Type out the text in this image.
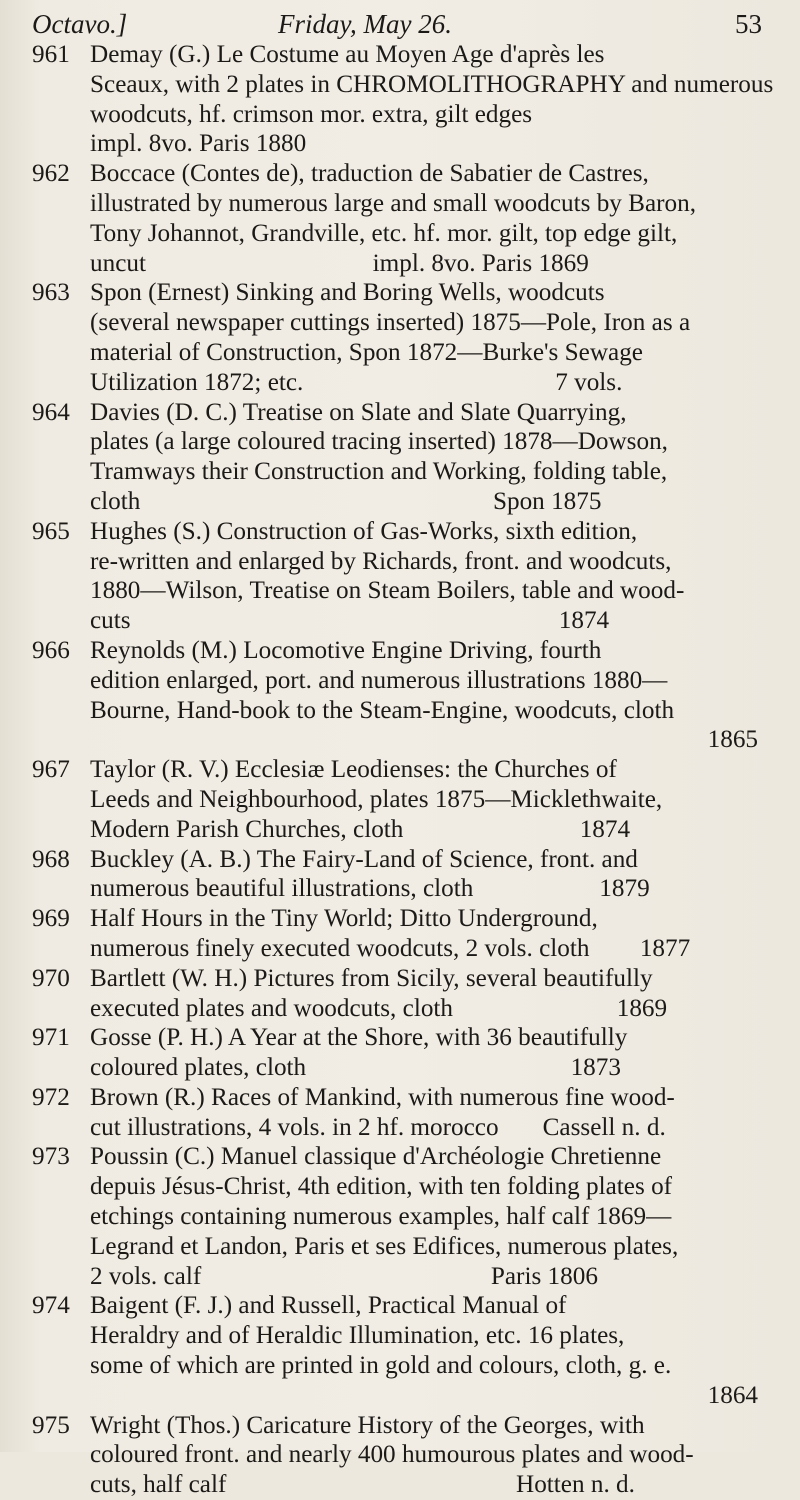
Octavo.]	Friday, May 26.	53
961 Demay (G.) Le Costume au Moyen Age d'après les
Sceaux, with 2 plates in CHROMOLITHOGRAPHY and numerous
woodcuts, hf. crimson mor. extra, gilt edges
impl. 8vo. Paris 1880
962 Boccace (Contes de), traduction de Sabatier de Castres,
illustrated by numerous large and small woodcuts by Baron,
Tony Johannot, Grandville, etc. hf. mor. gilt, top edge gilt,
uncut                                    impl. 8vo. Paris 1869
963 Spon (Ernest) Sinking and Boring Wells, woodcuts
(several newspaper cuttings inserted) 1875—Pole, Iron as a
material of Construction, Spon 1872—Burke's Sewage
Utilization 1872; etc.                                        7 vols.
964 Davies (D. C.) Treatise on Slate and Slate Quarrying,
plates (a large coloured tracing inserted) 1878—Dowson,
Tramways their Construction and Working, folding table,
cloth                                                        Spon 1875
965 Hughes (S.) Construction of Gas-Works, sixth edition,
re-written and enlarged by Richards, front. and woodcuts,
1880—Wilson, Treatise on Steam Boilers, table and wood-
cuts                                                                    1874
966 Reynolds (M.) Locomotive Engine Driving, fourth
edition enlarged, port. and numerous illustrations 1880—
Bourne, Hand-book to the Steam-Engine, woodcuts, cloth
1865
967 Taylor (R. V.) Ecclesiæ Leodienses: the Churches of
Leeds and Neighbourhood, plates 1875—Micklethwaite,
Modern Parish Churches, cloth                            1874
968 Buckley (A. B.) The Fairy-Land of Science, front. and
numerous beautiful illustrations, cloth                    1879
969 Half Hours in the Tiny World; Ditto Underground,
numerous finely executed woodcuts, 2 vols. cloth        1877
970 Bartlett (W. H.) Pictures from Sicily, several beautifully
executed plates and woodcuts, cloth                          1869
971 Gosse (P. H.) A Year at the Shore, with 36 beautifully
coloured plates, cloth                                          1873
972 Brown (R.) Races of Mankind, with numerous fine wood-
cut illustrations, 4 vols. in 2 hf. morocco       Cassell n. d.
973 Poussin (C.) Manuel classique d'Archéologie Chretienne
depuis Jésus-Christ, 4th edition, with ten folding plates of
etchings containing numerous examples, half calf 1869—
Legrand et Landon, Paris et ses Edifices, numerous plates,
2 vols. calf                                              Paris 1806
974 Baigent (F. J.) and Russell, Practical Manual of
Heraldry and of Heraldic Illumination, etc. 16 plates,
some of which are printed in gold and colours, cloth, g. e.
1864
975 Wright (Thos.) Caricature History of the Georges, with
coloured front. and nearly 400 humourous plates and wood-
cuts, half calf                                              Hotten n. d.
